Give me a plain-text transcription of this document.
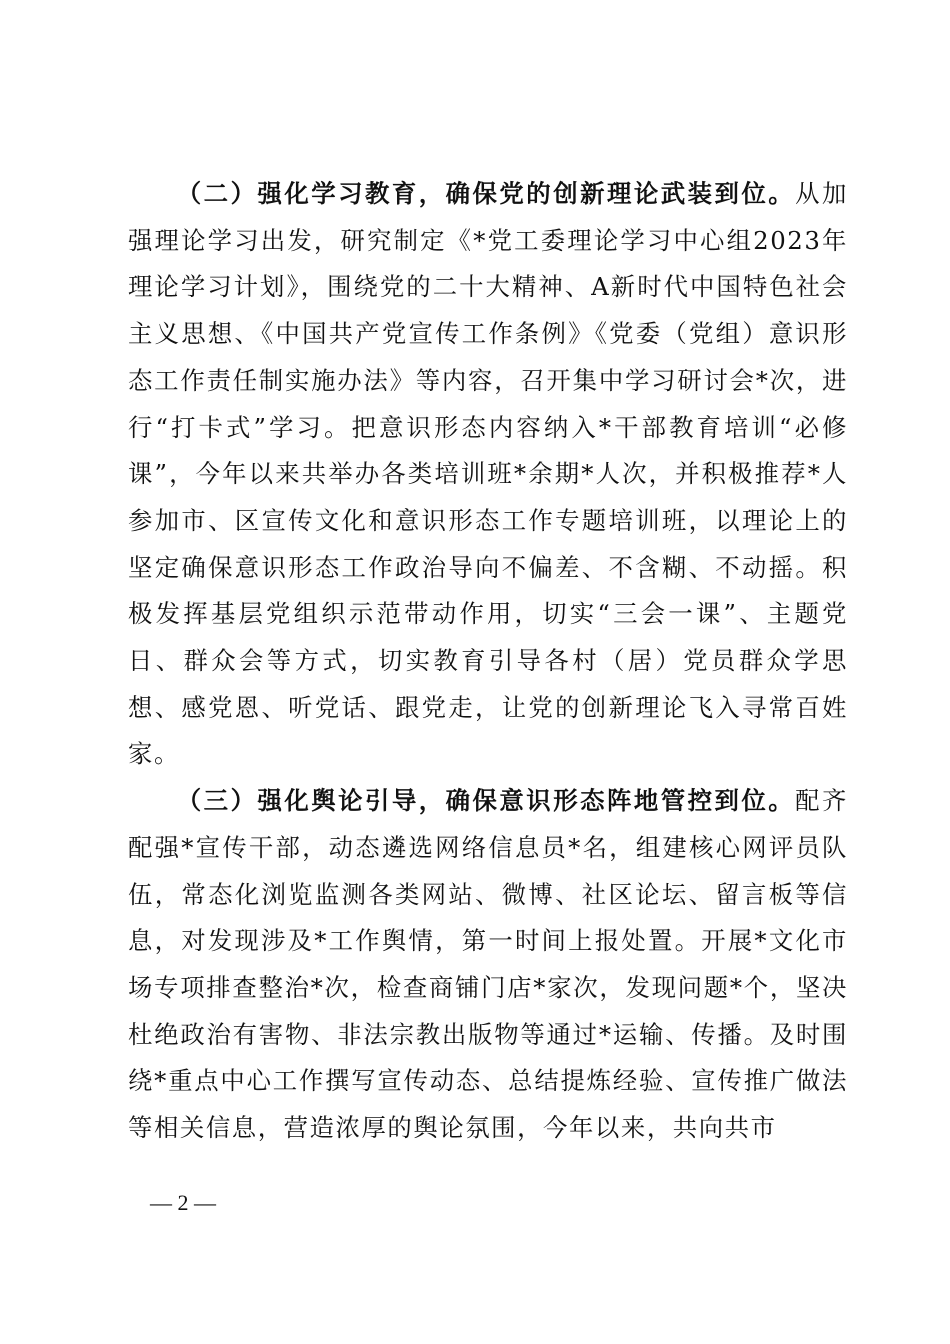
（二）强化学习教育，确保党的创新理论武装到位。从加强理论学习出发，研究制定《*党工委理论学习中心组2023年理论学习计划》，围绕党的二十大精神、A新时代中国特色社会主义思想、《中国共产党宣传工作条例》《党委（党组）意识形态工作责任制实施办法》等内容，召开集中学习研讨会*次，进行“打卡式”学习。把意识形态内容纳入*干部教育培训“必修课”，今年以来共举办各类培训班*余期*人次，并积极推荐*人参加市、区宣传文化和意识形态工作专题培训班，以理论上的坚定确保意识形态工作政治导向不偏差、不含糊、不动摇。积极发挥基层党组织示范带动作用，切实“三会一课”、主题党日、群众会等方式，切实教育引导各村（居）党员群众学思想、感党恩、听党话、跟党走，让党的创新理论飞入寻常百姓家。

（三）强化舆论引导，确保意识形态阵地管控到位。配齐配强*宣传干部，动态遴选网络信息员*名，组建核心网评员队伍，常态化浏览监测各类网站、微博、社区论坛、留言板等信息，对发现涉及*工作舆情，第一时间上报处置。开展*文化市场专项排查整治*次，检查商铺门店*家次，发现问题*个，坚决杜绝政治有害物、非法宗教出版物等通过*运输、传播。及时围绕*重点中心工作撰写宣传动态、总结提炼经验、宣传推广做法等相关信息，营造浓厚的舆论氛围，今年以来，共向共市

— 2 —
